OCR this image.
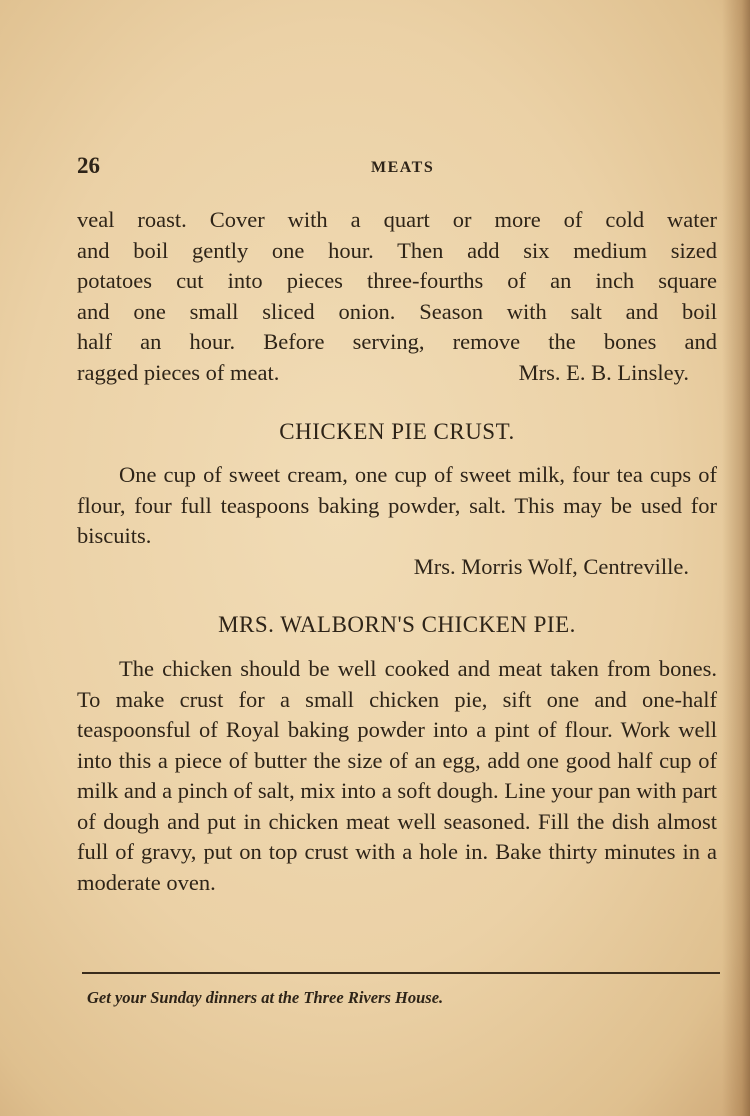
26	MEATS
veal roast. Cover with a quart or more of cold water
and boil gently one hour. Then add six medium sized
potatoes cut into pieces three-fourths of an inch square
and one small sliced onion. Season with salt and boil
half an hour. Before serving, remove the bones and
ragged pieces of meat.	Mrs. E. B. Linsley.
CHICKEN PIE CRUST.

One cup of sweet cream, one cup of sweet milk, four tea cups of flour, four full teaspoons baking powder, salt. This may be used for biscuits.

Mrs. Morris Wolf, Centreville.
MRS. WALBORN'S CHICKEN PIE.

The chicken should be well cooked and meat taken from bones. To make crust for a small chicken pie, sift one and one-half teaspoonsful of Royal baking powder into a pint of flour. Work well into this a piece of butter the size of an egg, add one good half cup of milk and a pinch of salt, mix into a soft dough. Line your pan with part of dough and put in chicken meat well seasoned. Fill the dish almost full of gravy, put on top crust with a hole in. Bake thirty minutes in a moderate oven.

Get your Sunday dinners at the Three Rivers House.
